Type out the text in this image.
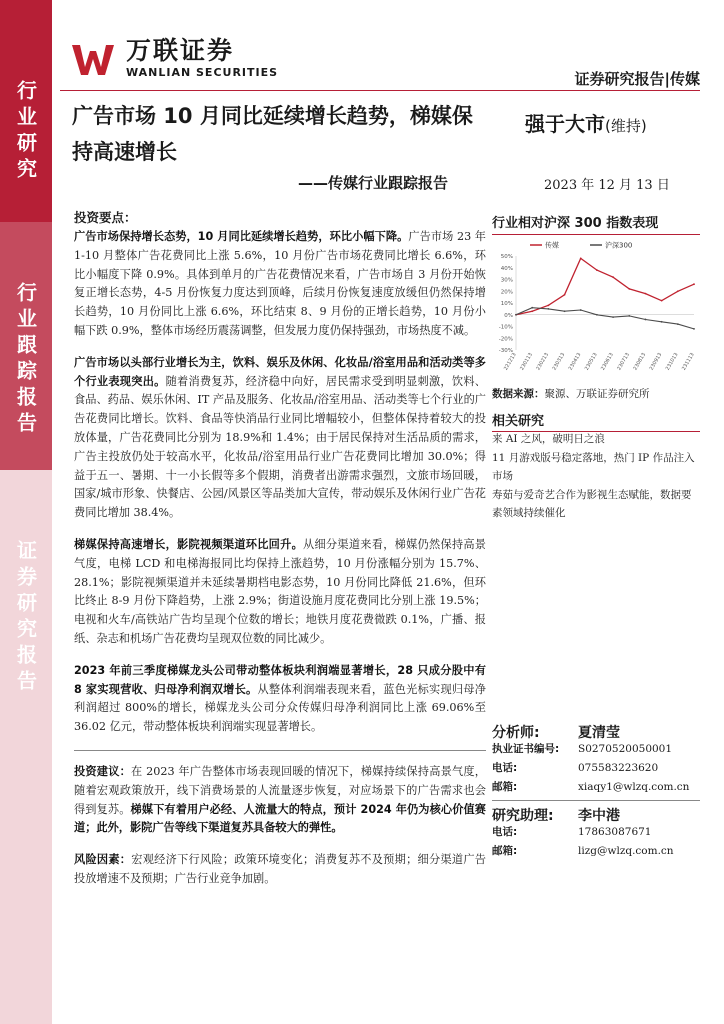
行业研究
行业跟踪报告
证券研究报告
万联证券
WANLIAN SECURITIES	证券研究报告|传媒
广告市场 10 月同比延续增长趋势，梯媒保持高速增长
——传媒行业跟踪报告
强于大市(维持)
2023 年 12 月 13 日
投资要点：

广告市场保持增长态势，10 月同比延续增长趋势，环比小幅下降。广告市场 23 年 1-10 月整体广告花费同比上涨 5.6%，10 月份广告市场花费同比增长 6.6%，环比小幅度下降 0.9%。具体到单月的广告花费情况来看，广告市场自 3 月份开始恢复正增长态势，4-5 月份恢复力度达到顶峰，后续月份恢复速度放缓但仍然保持增长趋势，10 月份同比上涨 6.6%，环比结束 8、9 月份的正增长趋势，10 月份小幅下跌 0.9%，整体市场经历震荡调整，但发展力度仍保持强劲，市场热度不减。

广告市场以头部行业增长为主，饮料、娱乐及休闲、化妆品/浴室用品和活动类等多个行业表现突出。随着消费复苏，经济稳中向好，居民需求受到明显刺激，饮料、食品、药品、娱乐休闲、IT 产品及服务、化妆品/浴室用品、活动类等七个行业的广告花费同比增长。饮料、食品等快消品行业同比增幅较小，但整体保持着较大的投放体量，广告花费同比分别为 18.9%和 1.4%；由于居民保持对生活品质的需求，广告主投放仍处于较高水平，化妆品/浴室用品行业广告花费同比增加 30.0%；得益于五一、暑期、十一小长假等多个假期，消费者出游需求强烈，文旅市场回暖，国家/城市形象、快餐店、公园/风景区等品类加大宣传，带动娱乐及休闲行业广告花费同比增加 38.4%。

梯媒保持高速增长，影院视频渠道环比回升。从细分渠道来看，梯媒仍然保持高景气度，电梯 LCD 和电梯海报同比均保持上涨趋势，10 月份涨幅分别为 15.7%、28.1%；影院视频渠道并未延续暑期档电影态势，10 月份同比降低 21.6%，但环比终止 8-9 月份下降趋势，上涨 2.9%；街道设施月度花费同比分别上涨 19.5%；电视和火车/高铁站广告均呈现个位数的增长；地铁月度花费微跌 0.1%，广播、报纸、杂志和机场广告花费均呈现双位数的同比减少。

2023 年前三季度梯媒龙头公司带动整体板块利润端显著增长，28 只成分股中有 8 家实现营收、归母净利润双增长。从整体利润端表现来看，蓝色光标实现归母净利润超过 800%的增长，梯媒龙头公司分众传媒归母净利润同比上涨 69.06%至 36.02 亿元，带动整体板块利润端实现显著增长。

投资建议：在 2023 年广告整体市场表现回暖的情况下，梯媒持续保持高景气度，随着宏观政策放开，线下消费场景的人流量逐步恢复，对应场景下的广告需求也会得到复苏。梯媒下有着用户必经、人流量大的特点，预计 2024 年仍为核心价值赛道；此外，影院广告等线下渠道复苏具备较大的弹性。

风险因素：宏观经济下行风险；政策环境变化；消费复苏不及预期；细分渠道广告投放增速不及预期；广告行业竞争加剧。

行业相对沪深 300 指数表现
50%
40%
30%
20%
10%
0%
-10%
-20%
-30%
221213 230113 230213 230313 230413 230513 230613 230713 230813 230913 231013 231113
传媒	沪深300
数据来源：聚源、万联证券研究所
相关研究
来 AI 之风，破明日之浪
11 月游戏版号稳定落地，热门 IP 作品注入市场
寿茹与爱奇艺合作为影视生态赋能，数据要素领域持续催化
分析师:	夏清莹
执业证书编号:	S0270520050001
电话:	075583223620
邮箱:	xiaqy1@wlzq.com.cn
研究助理:	李中港
电话:	17863087671
邮箱:	lizg@wlzq.com.cn
